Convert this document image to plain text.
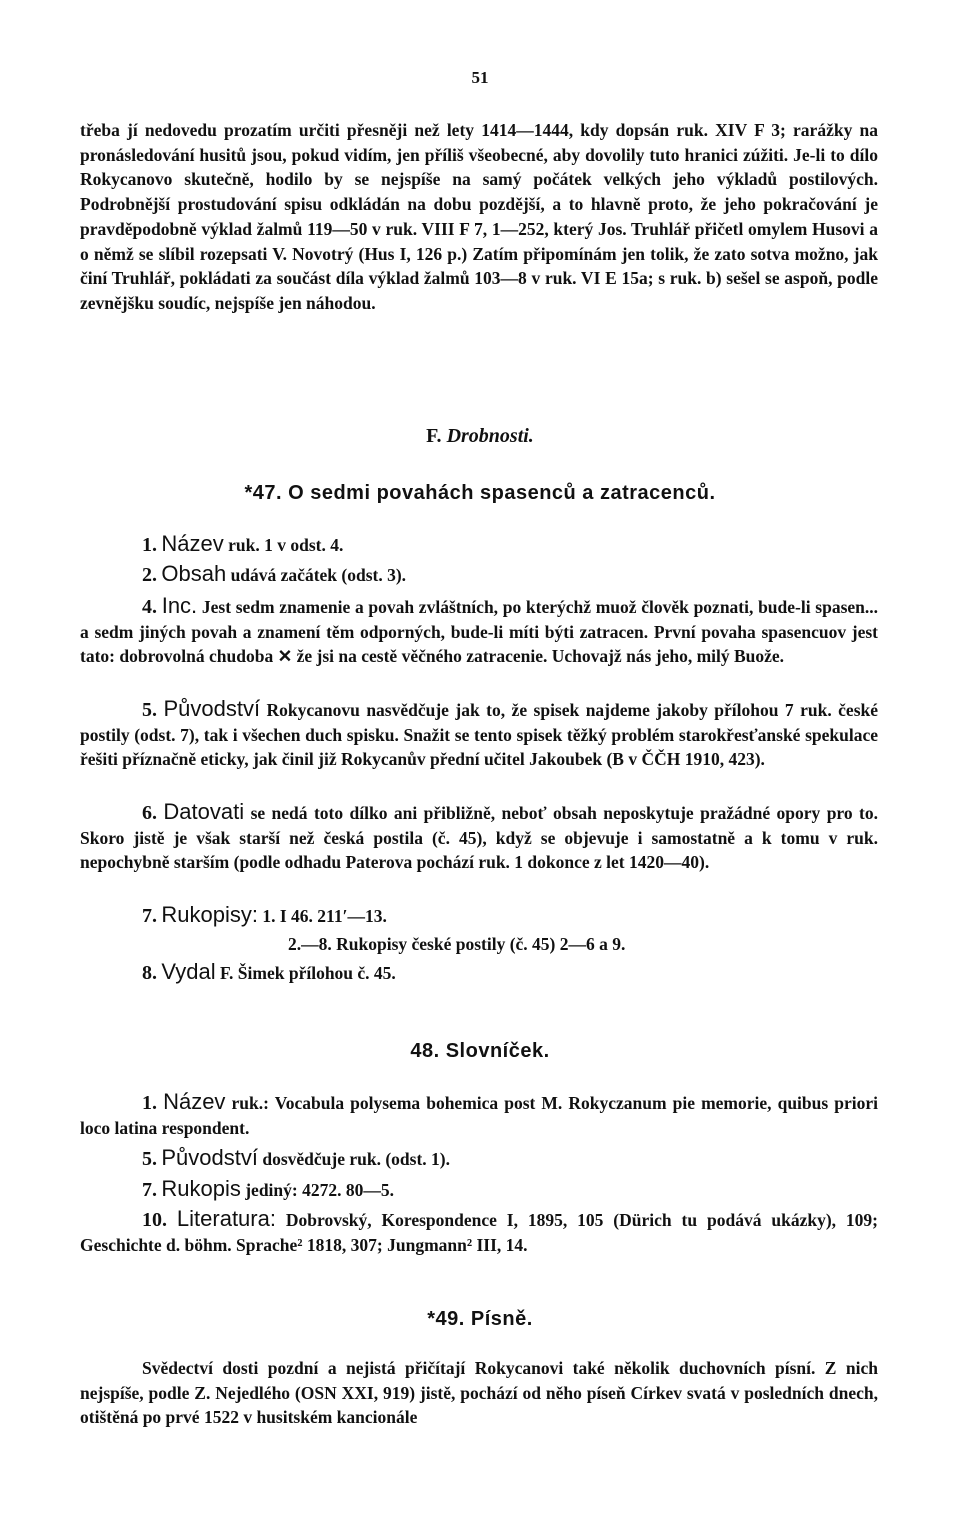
51

třeba jí nedovedu prozatím určiti přesněji než lety 1414—1444, kdy dopsán ruk. XIV F 3; rarážky na pronásledování husitů jsou, pokud vidím, jen příliš všeobecné, aby dovolily tuto hranici zúžiti. Je-li to dílo Rokycanovo skutečně, hodilo by se nejspíše na samý počátek velkých jeho výkladů postilových. Podrobnější prostudování spisu odkládán na dobu pozdější, a to hlavně proto, že jeho pokračování je pravděpodobně výklad žalmů 119—50 v ruk. VIII F 7, 1—252, který Jos. Truhlář přičetl omylem Husovi a o němž se slíbil rozepsati V. Novotrý (Hus I, 126 p.) Zatím připomínám jen tolik, že zato sotva možno, jak činí Truhlář, pokládati za součást díla výklad žalmů 103—8 v ruk. VI E 15a; s ruk. b) sešel se aspoň, podle zevnějšku soudíc, nejspíše jen náhodou.

F. Drobnosti.
*47. O sedmi povahách spasenců a zatracenců.

1. Název ruk. 1 v odst. 4.

2. Obsah udává začátek (odst. 3).

4. Inc. Jest sedm znamenie a povah zvláštních, po kterýchž muož člověk poznati, bude-li spasen... a sedm jiných povah a znamení těm odporných, bude-li míti býti zatracen. První povaha spasencuov jest tato: dobrovolná chudoba ✕ že jsi na cestě věčného zatracenie. Uchovajž nás jeho, milý Buože.

5. Původství Rokycanovu nasvědčuje jak to, že spisek najdeme jakoby přílohou 7 ruk. české postily (odst. 7), tak i všechen duch spisku. Snažit se tento spisek těžký problém starokřesťanské spekulace řešiti příznačně eticky, jak činil již Rokycanův přední učitel Jakoubek (B v ČČH 1910, 423).

6. Datovati se nedá toto dílko ani přibližně, neboť obsah neposkytuje pražádné opory pro to. Skoro jistě je však starší než česká postila (č. 45), když se objevuje i samostatně a k tomu v ruk. nepochybně starším (podle odhadu Paterova pochází ruk. 1 dokonce z let 1420—40).

7. Rukopisy: 1. I 46. 211′—13.

2.—8. Rukopisy české postily (č. 45) 2—6 a 9.

8. Vydal F. Šimek přílohou č. 45.

48. Slovníček.

1. Název ruk.: Vocabula polysema bohemica post M. Rokyczanum pie memorie, quibus priori loco latina respondent.

5. Původství dosvědčuje ruk. (odst. 1).

7. Rukopis jediný: 4272. 80—5.

10. Literatura: Dobrovský, Korespondence I, 1895, 105 (Dürich tu podává ukázky), 109; Geschichte d. böhm. Sprache² 1818, 307; Jungmann² III, 14.

*49. Písně.

Svědectví dosti pozdní a nejistá přičítají Rokycanovi také několik duchovních písní. Z nich nejspíše, podle Z. Nejedlého (OSN XXI, 919) jistě, pochází od něho píseň Církev svatá v posledních dnech, otištěná po prvé 1522 v husitském kancionále
